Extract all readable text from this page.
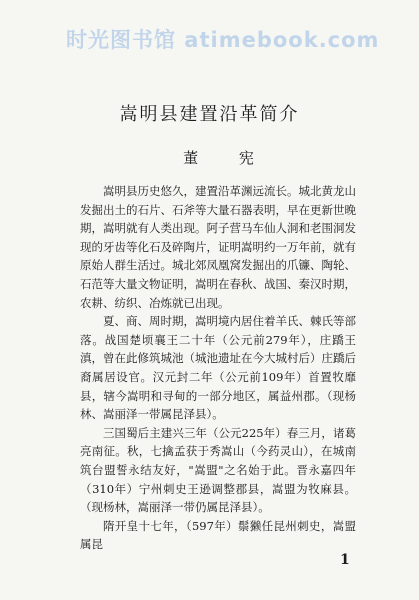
时光图书馆 atimebook.com
嵩明县建置沿革简介
董 宪

嵩明县历史悠久，建置沿革渊远流长。城北黄龙山发掘出土的石片、石斧等大量石器表明，早在更新世晚期，嵩明就有人类出现。阿子营马车仙人洞和老围洞发现的牙齿等化石及碎陶片，证明嵩明约一万年前，就有原始人群生活过。城北郊凤凰窝发掘出的爪镰、陶轮、石范等大量文物证明，嵩明在春秋、战国、秦汉时期，农耕、纺织、冶炼就已出现。

夏、商、周时期，嵩明境内居住着羊氏、棘氏等部落。战国楚顷襄王二十年（公元前279年），庄蹻王滇，曾在此修筑城池（城池遗址在今大城村后）庄蹻后裔属居设官。汉元封二年（公元前109年）首置牧靡县，辖今嵩明和寻甸的一部分地区，属益州郡。（现杨林、嵩丽泽一带属昆泽县）。

三国蜀后主建兴三年（公元225年）春三月，诸葛亮南征。秋，七擒孟获于秀嵩山（今药灵山），在城南筑台盟誓永结友好，"嵩盟"之名始于此。晋永嘉四年（310年）宁州刺史王逊调整郡县，嵩盟为牧麻县。（现杨林，嵩丽泽一带仍属昆泽县）。

隋开皇十七年，（597年）鬃獭任昆州刺史，嵩盟属昆

1
